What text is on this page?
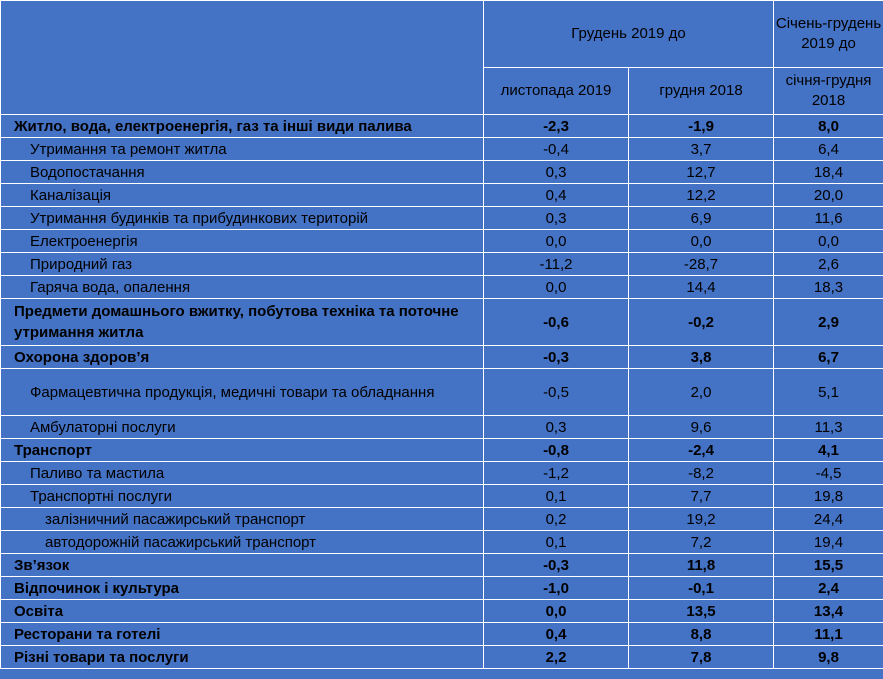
	Грудень 2019 до		Січень-грудень 2019 до
	листопада 2019	грудня 2018	січня-грудня 2018
Житло, вода, електроенергія, газ та інші види палива	-2,3	-1,9	8,0
Утримання та ремонт житла	-0,4	3,7	6,4
Водопостачання	0,3	12,7	18,4
Каналізація	0,4	12,2	20,0
Утримання будинків та прибудинкових територій	0,3	6,9	11,6
Електроенергія	0,0	0,0	0,0
Природний газ	-11,2	-28,7	2,6
Гаряча вода, опалення	0,0	14,4	18,3
Предмети домашнього вжитку, побутова техніка та поточне утримання житла	-0,6	-0,2	2,9
Охорона здоров’я	-0,3	3,8	6,7
Фармацевтична продукція, медичні товари та обладнання	-0,5	2,0	5,1
Амбулаторні послуги	0,3	9,6	11,3
Транспорт	-0,8	-2,4	4,1
Паливо та мастила	-1,2	-8,2	-4,5
Транспортні послуги	0,1	7,7	19,8
залізничний пасажирський транспорт	0,2	19,2	24,4
автодорожній пасажирський транспорт	0,1	7,2	19,4
Зв’язок	-0,3	11,8	15,5
Відпочинок і культура	-1,0	-0,1	2,4
Освіта	0,0	13,5	13,4
Ресторани та готелі	0,4	8,8	11,1
Різні товари та послуги	2,2	7,8	9,8
